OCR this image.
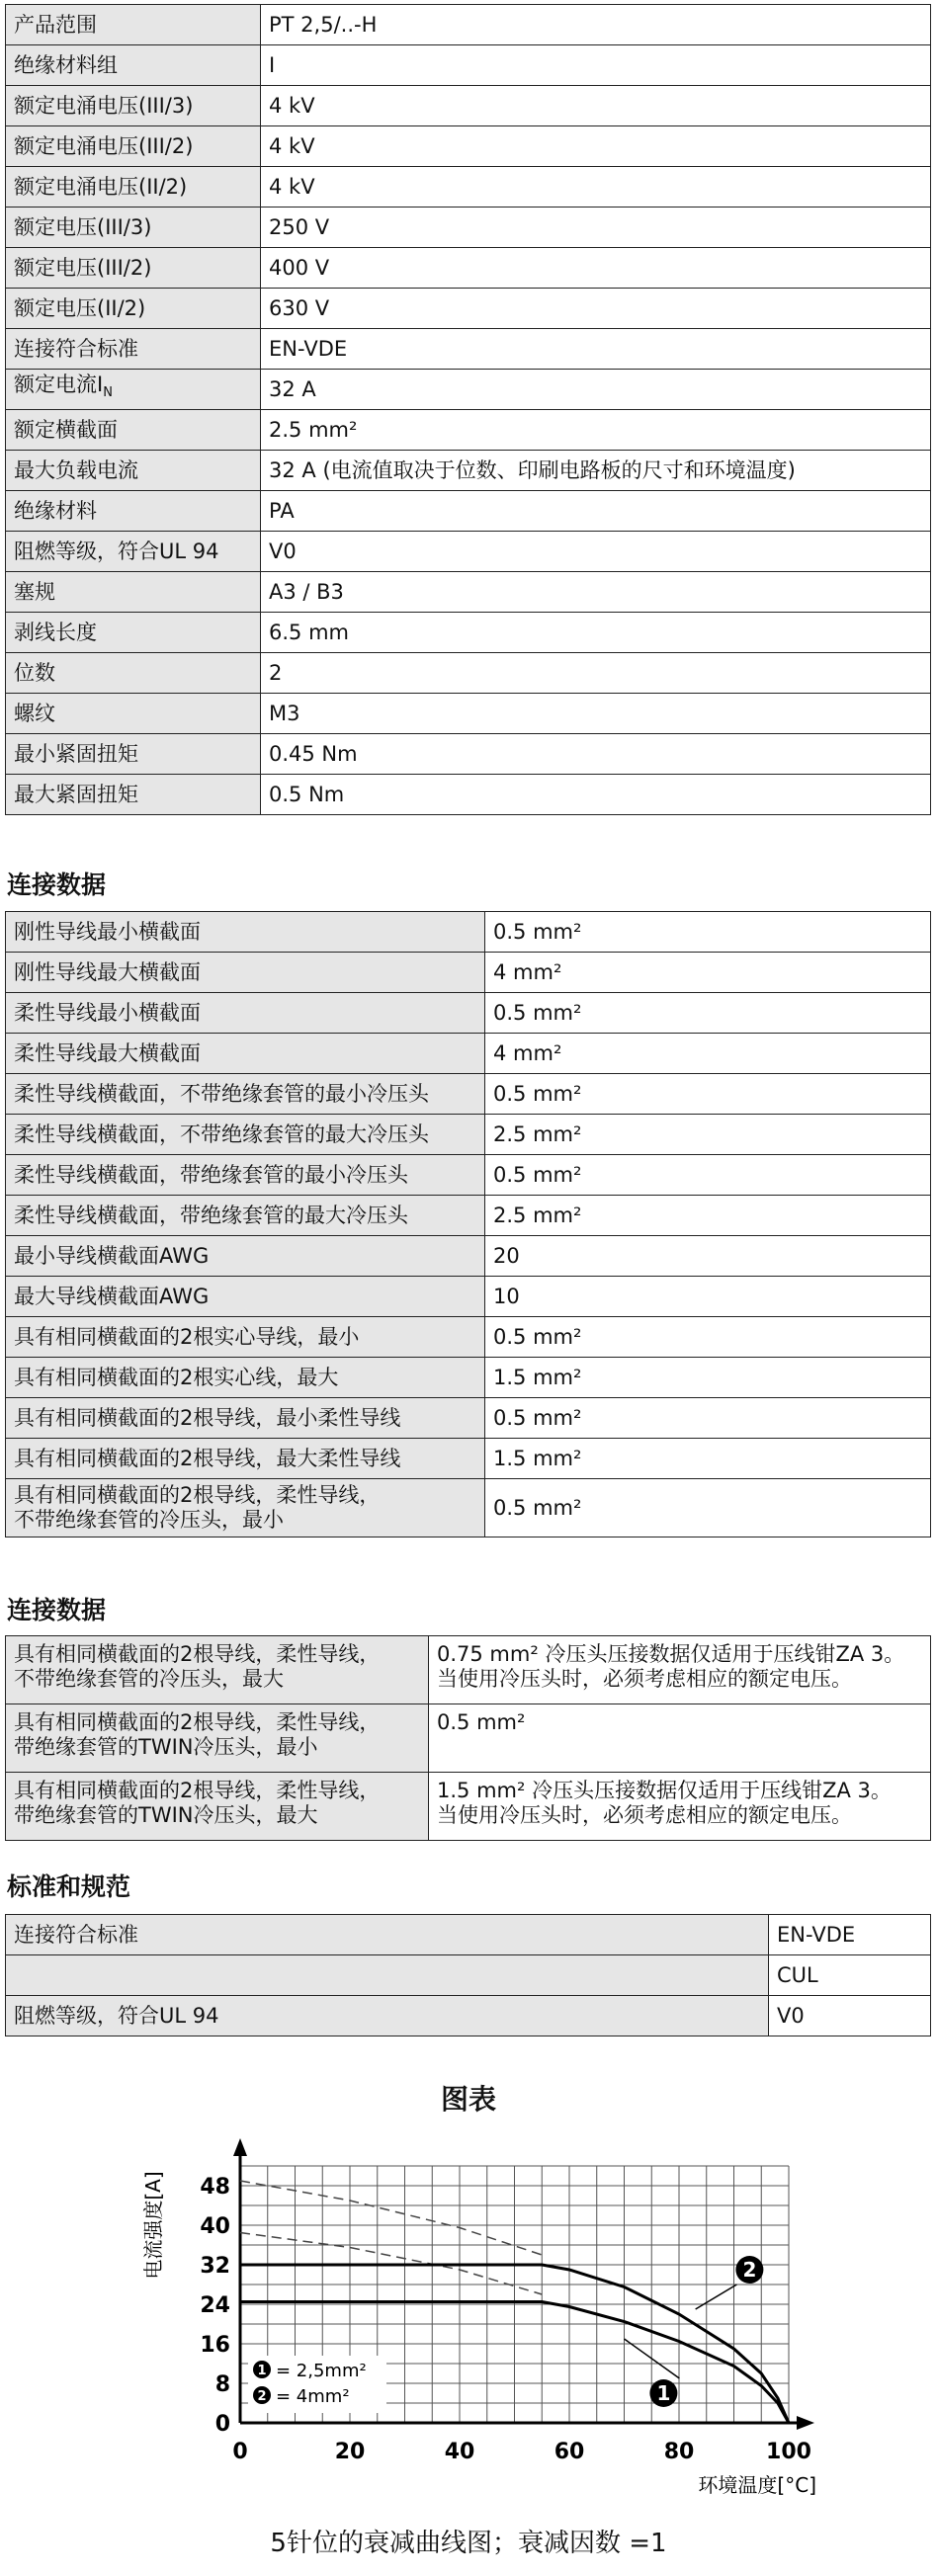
产品范围	PT 2,5/..-H
绝缘材料组	I
额定电涌电压(III/3)	4 kV
额定电涌电压(III/2)	4 kV
额定电涌电压(II/2)	4 kV
额定电压(III/3)	250 V
额定电压(III/2)	400 V
额定电压(II/2)	630 V
连接符合标准	EN-VDE
额定电流$I_N$	32 A
额定横截面	2.5 mm²
最大负载电流	32 A (电流值取决于位数、印刷电路板的尺寸和环境温度)
绝缘材料	PA
阻燃等级，符合UL 94	V0
塞规	A3 / B3
剥线长度	6.5 mm
位数	2
螺纹	M3
最小紧固扭矩	0.45 Nm
最大紧固扭矩	0.5 Nm
连接数据
刚性导线最小横截面	0.5 mm²
刚性导线最大横截面	4 mm²
柔性导线最小横截面	0.5 mm²
柔性导线最大横截面	4 mm²
柔性导线横截面，不带绝缘套管的最小冷压头	0.5 mm²
柔性导线横截面，不带绝缘套管的最大冷压头	2.5 mm²
柔性导线横截面，带绝缘套管的最小冷压头	0.5 mm²
柔性导线横截面，带绝缘套管的最大冷压头	2.5 mm²
最小导线横截面AWG	20
最大导线横截面AWG	10
具有相同横截面的2根实心导线，最小	0.5 mm²
具有相同横截面的2根实心线，最大	1.5 mm²
具有相同横截面的2根导线，最小柔性导线	0.5 mm²
具有相同横截面的2根导线，最大柔性导线	1.5 mm²
具有相同横截面的2根导线，柔性导线，
不带绝缘套管的冷压头，最小	0.5 mm²
连接数据
具有相同横截面的2根导线，柔性导线，
不带绝缘套管的冷压头，最大	0.75 mm² 冷压头压接数据仅适用于压线钳ZA 3。
当使用冷压头时，必须考虑相应的额定电压。
具有相同横截面的2根导线，柔性导线，
带绝缘套管的TWIN冷压头，最小	0.5 mm²
具有相同横截面的2根导线，柔性导线，
带绝缘套管的TWIN冷压头，最大	1.5 mm² 冷压头压接数据仅适用于压线钳ZA 3。
当使用冷压头时，必须考虑相应的额定电压。
标准和规范
连接符合标准	EN-VDE
	CUL
阻燃等级，符合UL 94	V0
图表
0	20	40	60	80	100
0
8
16
24
32
40
48
电流强度[A]
环境温度[°C]
1
2
1 = 2,5mm²
2 = 4mm²
5针位的衰减曲线图；衰减因数 =1
